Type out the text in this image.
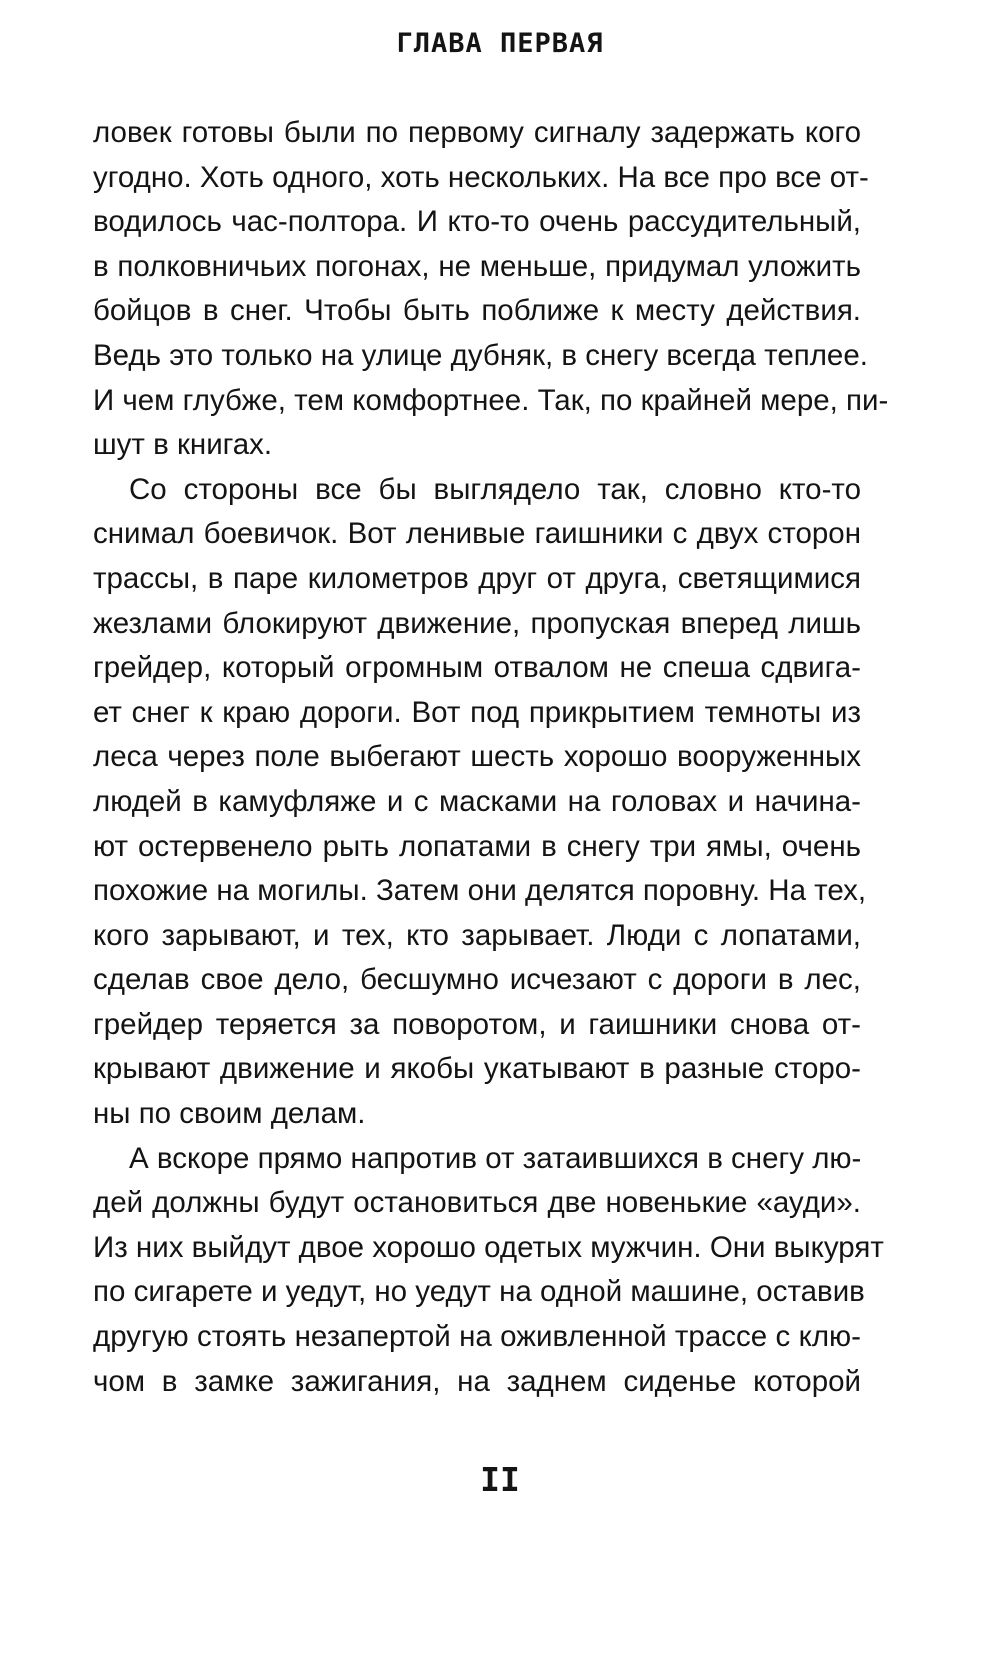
ГЛАВА ПЕРВАЯ
ловек готовы были по первому сигналу задержать кого
угодно. Хоть одного, хоть нескольких. На все про все от-
водилось час-полтора. И кто-то очень рассудительный,
в полковничьих погонах, не меньше, придумал уложить
бойцов в снег. Чтобы быть поближе к месту действия.
Ведь это только на улице дубняк, в снегу всегда теплее.
И чем глубже, тем комфортнее. Так, по крайней мере, пи-
шут в книгах.
Со стороны все бы выглядело так, словно кто-то
снимал боевичок. Вот ленивые гаишники с двух сторон
трассы, в паре километров друг от друга, светящимися
жезлами блокируют движение, пропуская вперед лишь
грейдер, который огромным отвалом не спеша сдвига-
ет снег к краю дороги. Вот под прикрытием темноты из
леса через поле выбегают шесть хорошо вооруженных
людей в камуфляже и с масками на головах и начина-
ют остервенело рыть лопатами в снегу три ямы, очень
похожие на могилы. Затем они делятся поровну. На тех,
кого зарывают, и тех, кто зарывает. Люди с лопатами,
сделав свое дело, бесшумно исчезают с дороги в лес,
грейдер теряется за поворотом, и гаишники снова от-
крывают движение и якобы укатывают в разные сторо-
ны по своим делам.
А вскоре прямо напротив от затаившихся в снегу лю-
дей должны будут остановиться две новенькие «ауди».
Из них выйдут двое хорошо одетых мужчин. Они выкурят
по сигарете и уедут, но уедут на одной машине, оставив
другую стоять незапертой на оживленной трассе с клю-
чом в замке зажигания, на заднем сиденье которой
II
